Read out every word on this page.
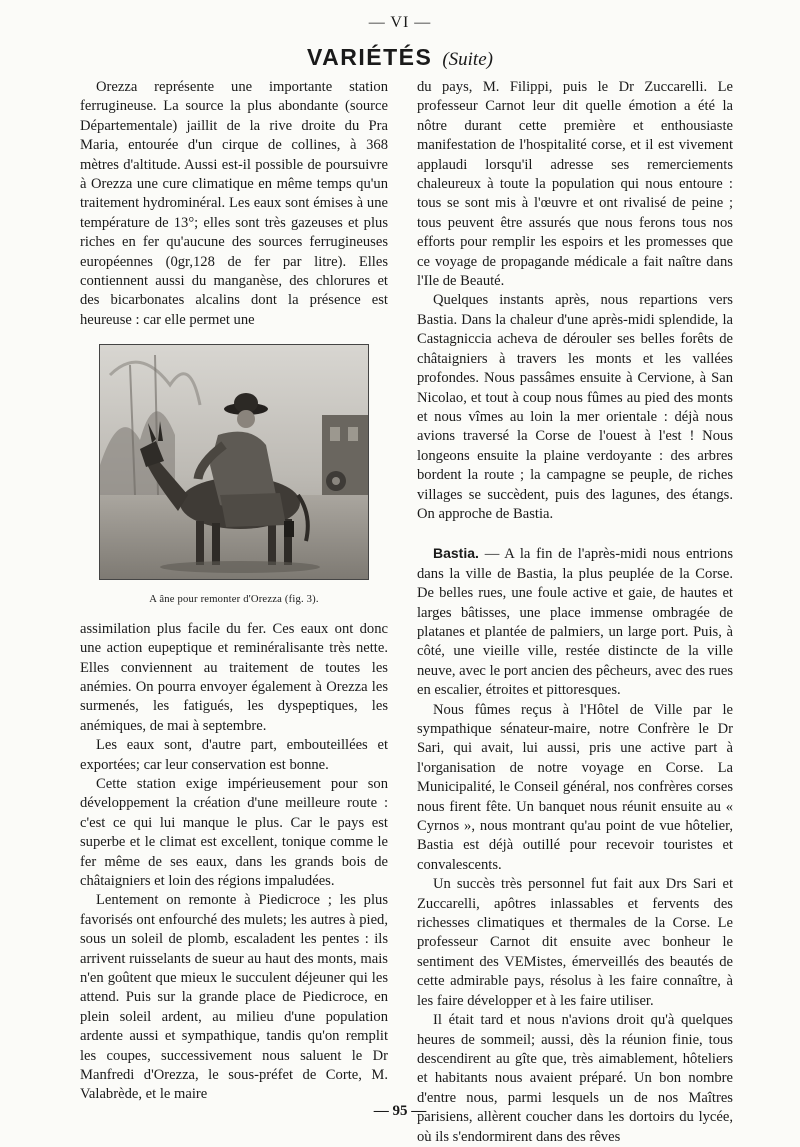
— VI —
VARIÉTÉS (Suite)

Orezza représente une importante station ferrugineuse. La source la plus abondante (source Départementale) jaillit de la rive droite du Pra Maria, entourée d'un cirque de collines, à 368 mètres d'altitude. Aussi est-il possible de poursuivre à Orezza une cure climatique en même temps qu'un traitement hydrominéral. Les eaux sont émises à une température de 13°; elles sont très gazeuses et plus riches en fer qu'aucune des sources ferrugineuses européennes (0gr,128 de fer par litre). Elles contiennent aussi du manganèse, des chlorures et des bicarbonates alcalins dont la présence est heureuse : car elle permet une

A âne pour remonter d'Orezza (fig. 3).

assimilation plus facile du fer. Ces eaux ont donc une action eupeptique et reminéralisante très nette. Elles conviennent au traitement de toutes les anémies. On pourra envoyer également à Orezza les surmenés, les fatigués, les dyspeptiques, les anémiques, de mai à septembre.

Les eaux sont, d'autre part, embouteillées et exportées; car leur conservation est bonne.

Cette station exige impérieusement pour son développement la création d'une meilleure route : c'est ce qui lui manque le plus. Car le pays est superbe et le climat est excellent, tonique comme le fer même de ses eaux, dans les grands bois de châtaigniers et loin des régions impaludées.

Lentement on remonte à Piedicroce ; les plus favorisés ont enfourché des mulets; les autres à pied, sous un soleil de plomb, escaladent les pentes : ils arrivent ruisselants de sueur au haut des monts, mais n'en goûtent que mieux le succulent déjeuner qui les attend. Puis sur la grande place de Piedicroce, en plein soleil ardent, au milieu d'une population ardente aussi et sympathique, tandis qu'on remplit les coupes, successivement nous saluent le Dr Manfredi d'Orezza, le sous-préfet de Corte, M. Valabrède, et le maire

du pays, M. Filippi, puis le Dr Zuccarelli. Le professeur Carnot leur dit quelle émotion a été la nôtre durant cette première et enthousiaste manifestation de l'hospitalité corse, et il est vivement applaudi lorsqu'il adresse ses remerciements chaleureux à toute la population qui nous entoure : tous se sont mis à l'œuvre et ont rivalisé de peine ; tous peuvent être assurés que nous ferons tous nos efforts pour remplir les espoirs et les promesses que ce voyage de propagande médicale a fait naître dans l'Ile de Beauté.

Quelques instants après, nous repartions vers Bastia. Dans la chaleur d'une après-midi splendide, la Castagniccia acheva de dérouler ses belles forêts de châtaigniers à travers les monts et les vallées profondes. Nous passâmes ensuite à Cervione, à San Nicolao, et tout à coup nous fûmes au pied des monts et nous vîmes au loin la mer orientale : déjà nous avions traversé la Corse de l'ouest à l'est ! Nous longeons ensuite la plaine verdoyante : des arbres bordent la route ; la campagne se peuple, de riches villages se succèdent, puis des lagunes, des étangs. On approche de Bastia.

Bastia. — A la fin de l'après-midi nous entrions dans la ville de Bastia, la plus peuplée de la Corse. De belles rues, une foule active et gaie, de hautes et larges bâtisses, une place immense ombragée de platanes et plantée de palmiers, un large port. Puis, à côté, une vieille ville, restée distincte de la ville neuve, avec le port ancien des pêcheurs, avec des rues en escalier, étroites et pittoresques.

Nous fûmes reçus à l'Hôtel de Ville par le sympathique sénateur-maire, notre Confrère le Dr Sari, qui avait, lui aussi, pris une active part à l'organisation de notre voyage en Corse. La Municipalité, le Conseil général, nos confrères corses nous firent fête. Un banquet nous réunit ensuite au « Cyrnos », nous montrant qu'au point de vue hôtelier, Bastia est déjà outillé pour recevoir touristes et convalescents.

Un succès très personnel fut fait aux Drs Sari et Zuccarelli, apôtres inlassables et fervents des richesses climatiques et thermales de la Corse. Le professeur Carnot dit ensuite avec bonheur le sentiment des VEMistes, émerveillés des beautés de cette admirable pays, résolus à les faire connaître, à les faire développer et à les faire utiliser.

Il était tard et nous n'avions droit qu'à quelques heures de sommeil; aussi, dès la réunion finie, tous descendirent au gîte que, très aimablement, hôteliers et habitants nous avaient préparé. Un bon nombre d'entre nous, parmi lesquels un de nos Maîtres parisiens, allèrent coucher dans les dortoirs du lycée, où ils s'endormirent dans des rêves

— 95 —
